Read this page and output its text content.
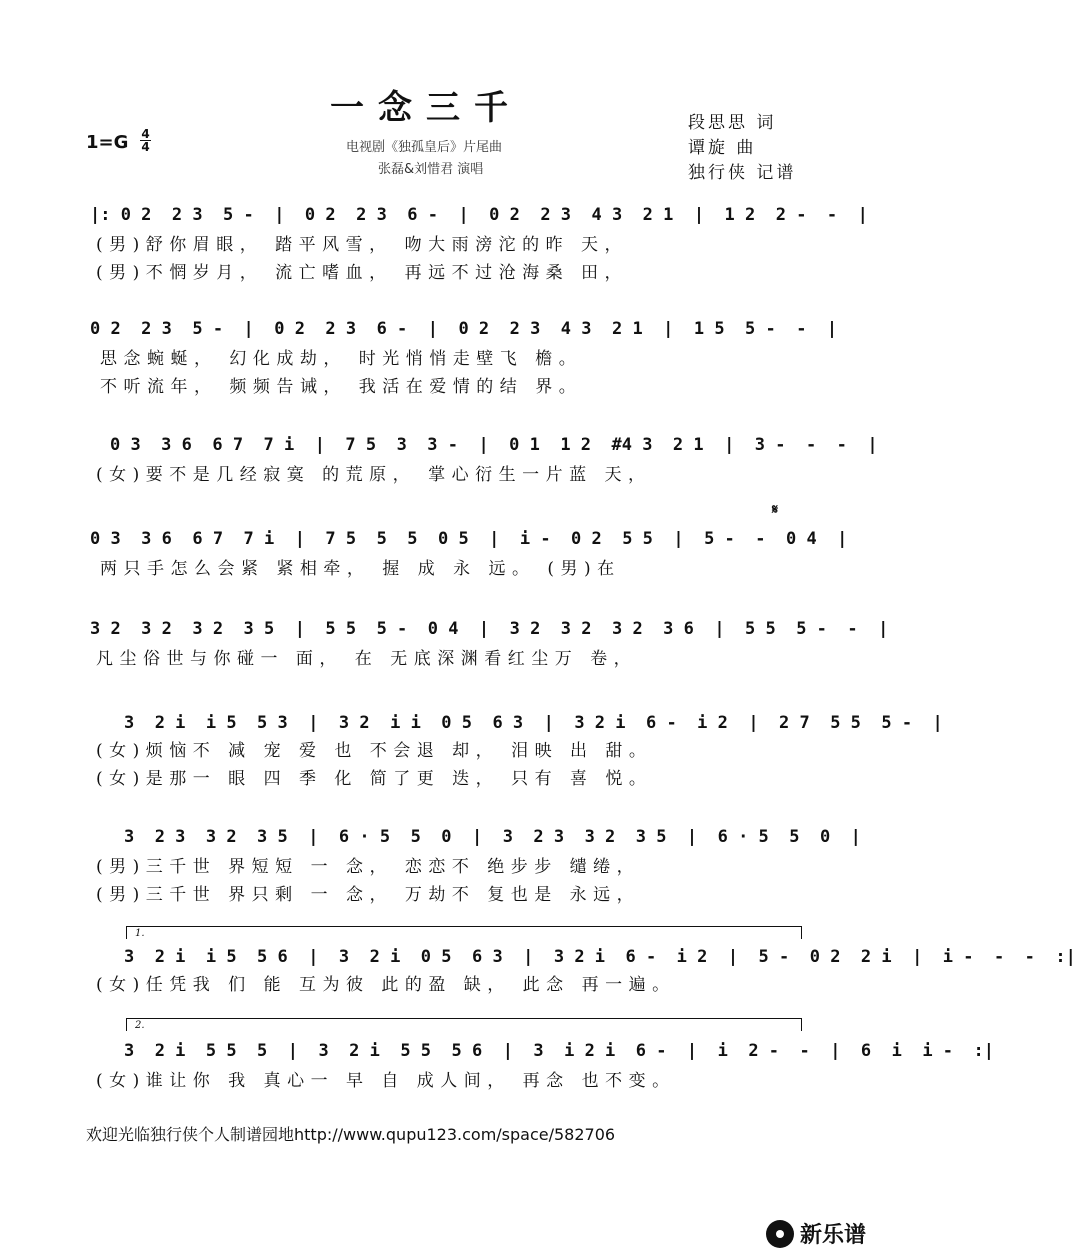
一念三千
电视剧《独孤皇后》片尾曲
张磊&刘惜君 演唱
段思思 词
谭旋 曲
独行侠 记谱
1=G 4
4

|: 0 2  2 3  5 -  |  0 2  2 3  6 -  |  0 2  2 3  4 3  2 1  |  1 2  2 -  -  |

(男)舒你眉眼， 踏平风雪， 吻大雨滂沱的昨 天，
(男)不惘岁月， 流亡嗜血， 再远不过沧海桑 田，

0 2  2 3  5 -  |  0 2  2 3  6 -  |  0 2  2 3  4 3  2 1  |  1 5  5 -  -  |

思念蜿蜒， 幻化成劫， 时光悄悄走壁飞 檐。
不听流年， 频频告诫， 我活在爱情的结 界。

0 3  3 6  6 7  7 i  |  7 5  3  3 -  |  0 1  1 2  #4 3  2 1  |  3 -  -  -  |

(女)要不是几经寂寞 的荒原， 掌心衍生一片蓝 天，
𝄋

0 3  3 6  6 7  7 i  |  7 5  5  5  0 5  |  i -  0 2  5 5  |  5 -  -  0 4  |

两只手怎么会紧 紧相牵， 握 成 永 远。 (男)在

3 2  3 2  3 2  3 5  |  5 5  5 -  0 4  |  3 2  3 2  3 2  3 6  |  5 5  5 -  -  |

凡尘俗世与你碰一 面， 在 无底深渊看红尘万 卷，

3  2 i  i 5  5 3  |  3 2  i i  0 5  6 3  |  3 2 i  6 -  i 2  |  2 7  5 5  5 -  |

(女)烦恼不 减 宠 爱 也 不会退 却， 泪映 出 甜。
(女)是那一 眼 四 季 化 简了更 迭， 只有 喜 悦。

3  2 3  3 2  3 5  |  6 · 5  5  0  |  3  2 3  3 2  3 5  |  6 · 5  5  0  |

(男)三千世 界短短 一 念， 恋恋不 绝步步 缱绻，
(男)三千世 界只剩 一 念， 万劫不 复也是 永远，
1.

3  2 i  i 5  5 6  |  3  2 i  0 5  6 3  |  3 2 i  6 -  i 2  |  5 -  0 2  2 i  |  i -  -  -  :|

(女)任凭我 们 能 互为彼 此的盈 缺， 此念 再一遍。
2.

3  2 i  5 5  5  |  3  2 i  5 5  5 6  |  3  i 2 i  6 -  |  i  2 -  -  |  6  i  i -  :|

(女)谁让你 我 真心一 早 自 成人间， 再念 也不变。
欢迎光临独行侠个人制谱园地http://www.qupu123.com/space/582706
新乐谱
